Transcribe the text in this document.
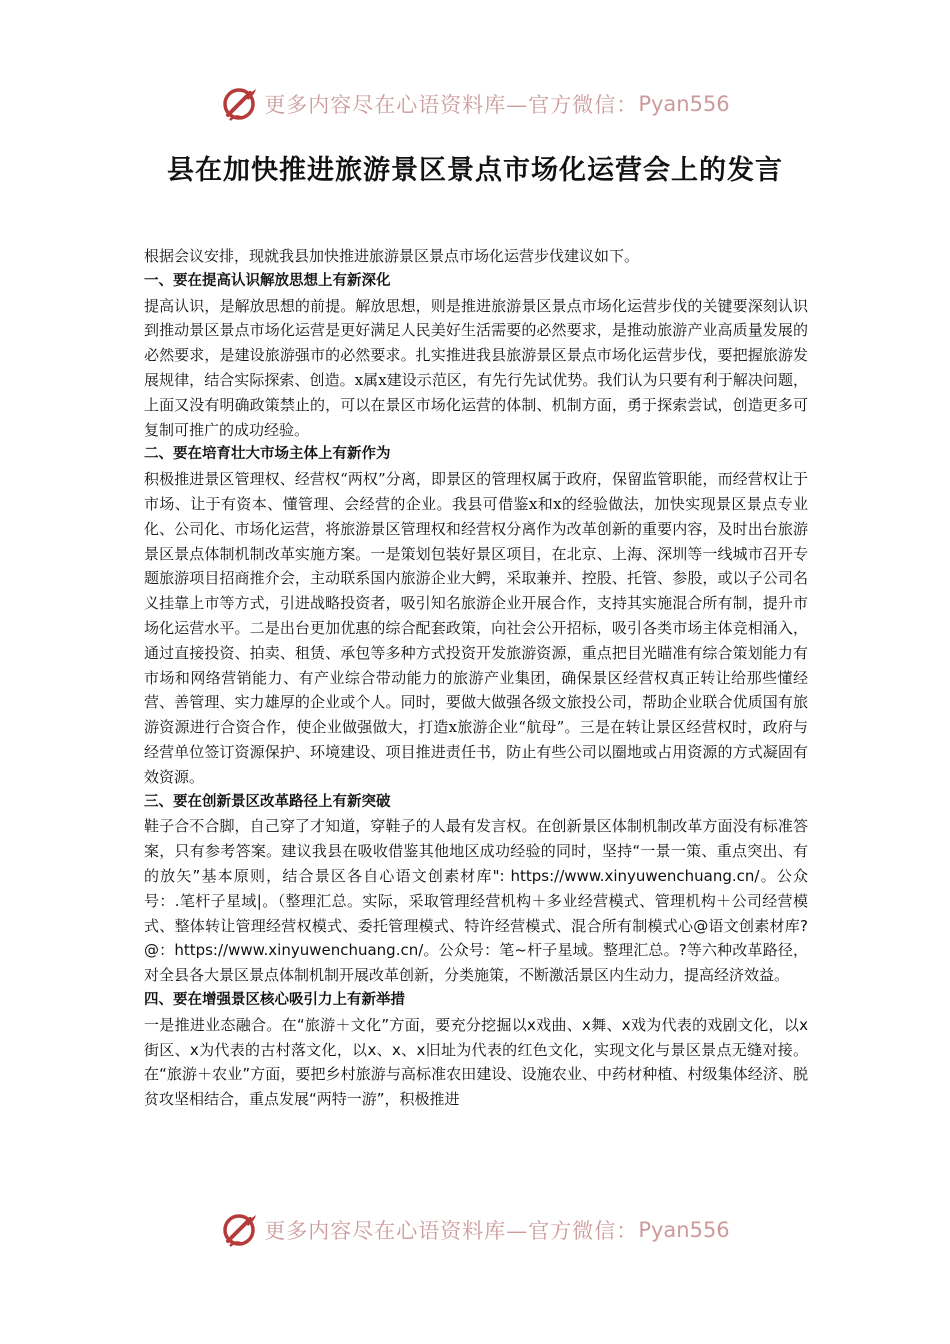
更多内容尽在心语资料库—官方微信： Pyan556
县在加快推进旅游景区景点市场化运营会上的发言

根据会议安排，现就我县加快推进旅游景区景点市场化运营步伐建议如下。

一、要在提高认识解放思想上有新深化

提高认识，是解放思想的前提。解放思想，则是推进旅游景区景点市场化运营步伐的关键要深刻认识到推动景区景点市场化运营是更好满足人民美好生活需要的必然要求，是推动旅游产业高质量发展的必然要求，是建设旅游强市的必然要求。扎实推进我县旅游景区景点市场化运营步伐，要把握旅游发展规律，结合实际探索、创造。x属x建设示范区，有先行先试优势。我们认为只要有利于解决问题，上面又没有明确政策禁止的，可以在景区市场化运营的体制、机制方面，勇于探索尝试，创造更多可复制可推广的成功经验。

二、要在培育壮大市场主体上有新作为

积极推进景区管理权、经营权“两权”分离，即景区的管理权属于政府，保留监管职能，而经营权让于市场、让于有资本、懂管理、会经营的企业。我县可借鉴x和x的经验做法，加快实现景区景点专业化、公司化、市场化运营，将旅游景区管理权和经营权分离作为改革创新的重要内容，及时出台旅游景区景点体制机制改革实施方案。一是策划包装好景区项目，在北京、上海、深圳等一线城市召开专题旅游项目招商推介会，主动联系国内旅游企业大鳄，采取兼并、控股、托管、参股，或以子公司名义挂靠上市等方式，引进战略投资者，吸引知名旅游企业开展合作，支持其实施混合所有制，提升市场化运营水平。二是出台更加优惠的综合配套政策，向社会公开招标，吸引各类市场主体竞相涌入，通过直接投资、拍卖、租赁、承包等多种方式投资开发旅游资源，重点把目光瞄准有综合策划能力有市场和网络营销能力、有产业综合带动能力的旅游产业集团，确保景区经营权真正转让给那些懂经营、善管理、实力雄厚的企业或个人。同时，要做大做强各级文旅投公司，帮助企业联合优质国有旅游资源进行合资合作，使企业做强做大，打造x旅游企业“航母”。三是在转让景区经营权时，政府与经营单位签订资源保护、环境建设、项目推进责任书，防止有些公司以圈地或占用资源的方式凝固有效资源。

三、要在创新景区改革路径上有新突破

鞋子合不合脚，自己穿了才知道，穿鞋子的人最有发言权。在创新景区体制机制改革方面没有标准答案，只有参考答案。建议我县在吸收借鉴其他地区成功经验的同时，坚持“一景一策、重点突出、有的放矢”基本原则，结合景区各自心语文创素材库": https://www.xinyuwenchuang.cn/。公众号：.笔杆子星域|。（整理汇总。实际，采取管理经营机构＋多业经营模式、管理机构＋公司经营模式、整体转让管理经营权模式、委托管理模式、特许经营模式、混合所有制模式心@语文创素材库?@：https://www.xinyuwenchuang.cn/。公众号：笔~杆子星域。整理汇总。?等六种改革路径，对全县各大景区景点体制机制开展改革创新，分类施策，不断激活景区内生动力，提高经济效益。

四、要在增强景区核心吸引力上有新举措

一是推进业态融合。在“旅游＋文化”方面，要充分挖掘以x戏曲、x舞、x戏为代表的戏剧文化，以x街区、x为代表的古村落文化，以x、x、x旧址为代表的红色文化，实现文化与景区景点无缝对接。在“旅游＋农业”方面，要把乡村旅游与高标准农田建设、设施农业、中药材种植、村级集体经济、脱贫攻坚相结合，重点发展“两特一游”，积极推进

更多内容尽在心语资料库—官方微信： Pyan556
